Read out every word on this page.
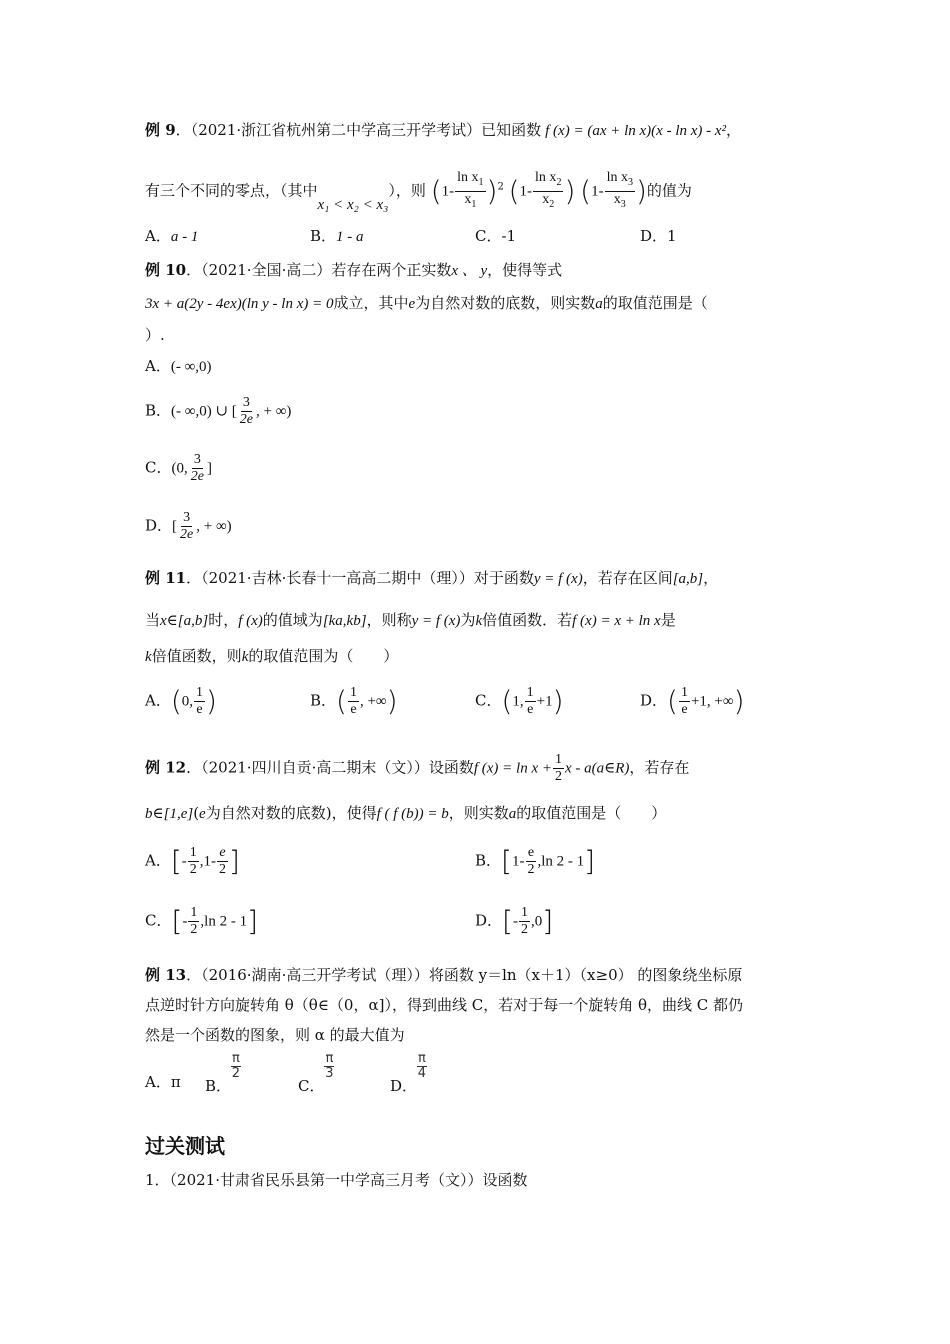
例 9．（2021·浙江省杭州第二中学高三开学考试）已知函数 f (x) = (ax + ln x)(x - ln x) - x²，
有三个不同的零点，（其中x₁ < x₂ < x₃），则 $(1- \frac{\ln x_1}{x_1} )^2$ ($1- \frac{\ln x_2}{x_2}$ ) ($1- \frac{\ln x_3}{x_3}$ )的值为
A．a - 1	B．1 - a	C．-1	D．1
例 10．（2021·全国·高二）若存在两个正实数x 、 y，使得等式
3x + a(2y - 4ex)(ln y - ln x) = 0成立，其中e为自然对数的底数，则实数a的取值范围是（
）.
A．(- ∞,0)
B．(- ∞,0) ∪ [ $\frac{3}{2e}$ , + ∞)
C．(0, $\frac{3}{2e}$ ]
D．[ $\frac{3}{2e}$ , + ∞)
例 11．（2021·吉林·长春十一高高二期中（理））对于函数y = f (x)，若存在区间[a,b]，
当x∈[a,b]时，f (x)的值域为[ka,kb]，则称y = f (x)为k倍值函数．若f (x) = x + ln x是
k倍值函数，则k的取值范围为（　　）
A．(0, $\frac{1}{e}$ )	B．( $\frac{1}{e}$ , +∞)	C．(1, $\frac{1}{e} +1$)	D．( $\frac{1}{e} +1$, +∞)
例 12．（2021·四川自贡·高二期末（文））设函数f $(x) = \ln x + \frac{1}{2}$ x - a(a∈R)，若存在
b∈[1,e](e为自然对数的底数)，使得f ( f (b)) = b，则实数a的取值范围是（　　）
A．[- $\frac{1}{2} ,1- \frac{e}{2}$ ]	B．[$1- \frac{e}{2} ,\ln$ 2 - 1]
C．[- $\frac{1}{2} ,\ln$ 2 - 1]	D．[- $\frac{1}{2} ,0$]
例 13．（2016·湖南·高三开学考试（理））将函数 y＝ln（x＋1）（x≥0） 的图象绕坐标原
点逆时针方向旋转角 θ（θ∈（0，α]），得到曲线 C，若对于每一个旋转角 θ，曲线 C 都仍
然是一个函数的图象，则 α 的最大值为
A．π B．
$\frac{\pi}{2}$
C．
$\frac{\pi}{3}$
D．
$\frac{\pi}{4}$
过关测试
1．（2021·甘肃省民乐县第一中学高三月考（文））设函数
